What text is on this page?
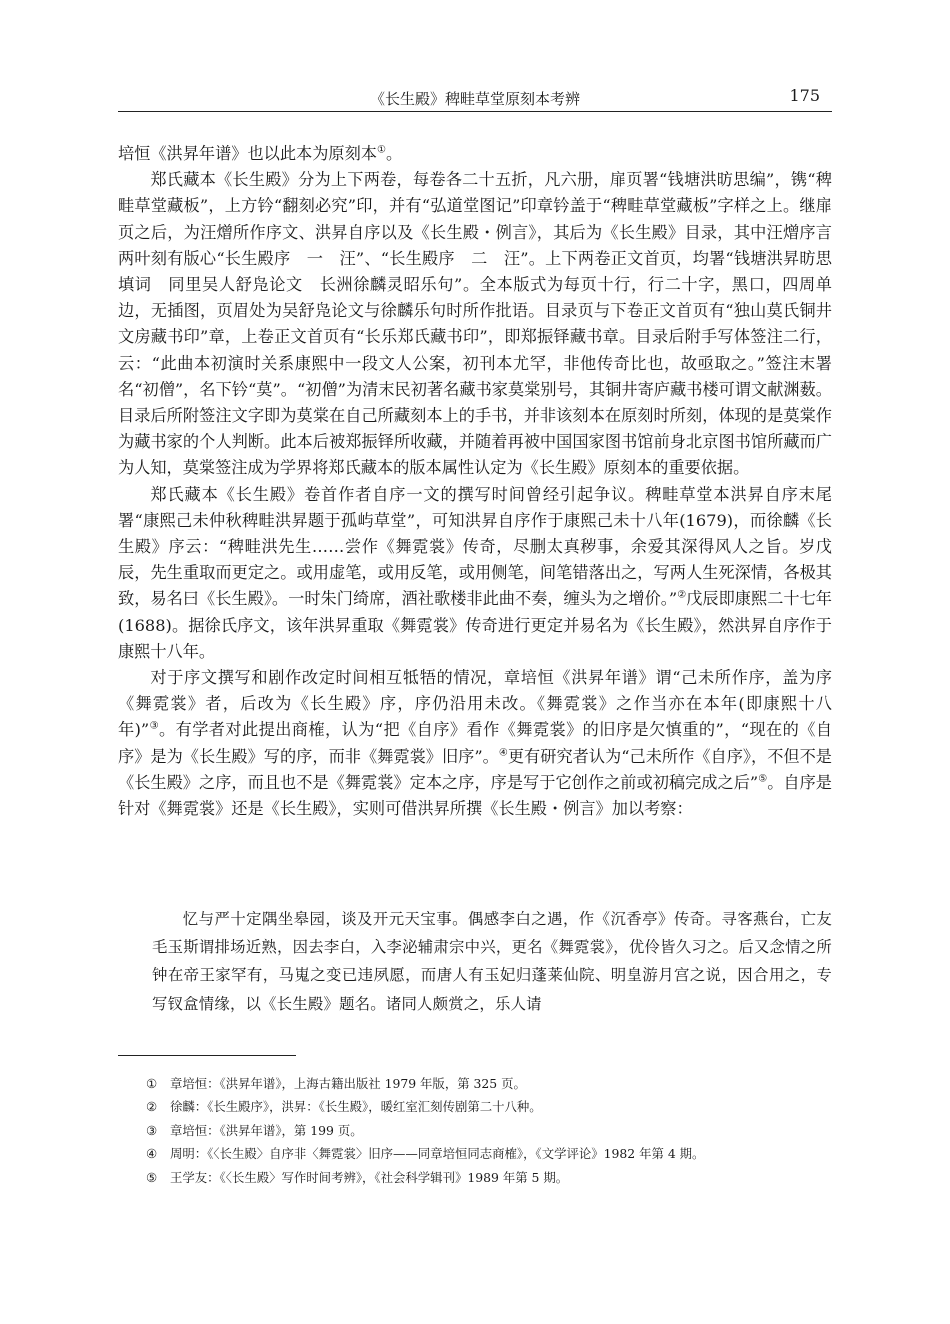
《长生殿》稗畦草堂原刻本考辨	175

培恒《洪昇年谱》也以此本为原刻本①。

郑氏藏本《长生殿》分为上下两卷，每卷各二十五折，凡六册，扉页署“钱塘洪昉思编”，镌“稗畦草堂藏板”，上方钤“翻刻必究”印，并有“弘道堂图记”印章钤盖于“稗畦草堂藏板”字样之上。继扉页之后，为汪熷所作序文、洪昇自序以及《长生殿・例言》，其后为《长生殿》目录，其中汪熷序言两叶刻有版心“长生殿序　一　汪”、“长生殿序　二　汪”。上下两卷正文首页，均署“钱塘洪昇昉思填词　同里吴人舒凫论文　长洲徐麟灵昭乐句”。全本版式为每页十行，行二十字，黑口，四周单边，无插图，页眉处为吴舒凫论文与徐麟乐句时所作批语。目录页与下卷正文首页有“独山莫氏铜井文房藏书印”章，上卷正文首页有“长乐郑氏藏书印”，即郑振铎藏书章。目录后附手写体签注二行，云：“此曲本初演时关系康熙中一段文人公案，初刊本尤罕，非他传奇比也，故亟取之。”签注末署名“初僧”，名下钤“莫”。“初僧”为清末民初著名藏书家莫棠别号，其铜井寄庐藏书楼可谓文献渊薮。目录后所附签注文字即为莫棠在自己所藏刻本上的手书，并非该刻本在原刻时所刻，体现的是莫棠作为藏书家的个人判断。此本后被郑振铎所收藏，并随着再被中国国家图书馆前身北京图书馆所藏而广为人知，莫棠签注成为学界将郑氏藏本的版本属性认定为《长生殿》原刻本的重要依据。

郑氏藏本《长生殿》卷首作者自序一文的撰写时间曾经引起争议。稗畦草堂本洪昇自序末尾署“康熙己未仲秋稗畦洪昇题于孤屿草堂”，可知洪昇自序作于康熙己未十八年(1679)，而徐麟《长生殿》序云：“稗畦洪先生……尝作《舞霓裳》传奇，尽删太真秽事，余爱其深得风人之旨。岁戊辰，先生重取而更定之。或用虚笔，或用反笔，或用侧笔，间笔错落出之，写两人生死深情，各极其致，易名曰《长生殿》。一时朱门绮席，酒社歌楼非此曲不奏，缠头为之增价。”②戊辰即康熙二十七年(1688)。据徐氏序文，该年洪昇重取《舞霓裳》传奇进行更定并易名为《长生殿》，然洪昇自序作于康熙十八年。

对于序文撰写和剧作改定时间相互牴牾的情况，章培恒《洪昇年谱》谓“己未所作序，盖为序《舞霓裳》者，后改为《长生殿》序，序仍沿用未改。《舞霓裳》之作当亦在本年(即康熙十八年)”③。有学者对此提出商榷，认为“把《自序》看作《舞霓裳》的旧序是欠慎重的”，“现在的《自序》是为《长生殿》写的序，而非《舞霓裳》旧序”。④更有研究者认为“己未所作《自序》，不但不是《长生殿》之序，而且也不是《舞霓裳》定本之序，序是写于它创作之前或初稿完成之后”⑤。自序是针对《舞霓裳》还是《长生殿》，实则可借洪昇所撰《长生殿・例言》加以考察：

忆与严十定隅坐皋园，谈及开元天宝事。偶感李白之遇，作《沉香亭》传奇。寻客燕台，亡友毛玉斯谓排场近熟，因去李白，入李泌辅肃宗中兴，更名《舞霓裳》，优伶皆久习之。后又念情之所钟在帝王家罕有，马嵬之变已违夙愿，而唐人有玉妃归蓬莱仙院、明皇游月宫之说，因合用之，专写钗盒情缘，以《长生殿》题名。诸同人颇赏之，乐人请
①	章培恒：《洪昇年谱》，上海古籍出版社 1979 年版，第 325 页。
②	徐麟：《长生殿序》，洪昇：《长生殿》，暖红室汇刻传剧第二十八种。
③	章培恒：《洪昇年谱》，第 199 页。
④	周明：《〈长生殿〉自序非〈舞霓裳〉旧序——同章培恒同志商榷》，《文学评论》1982 年第 4 期。
⑤	王学友：《〈长生殿〉写作时间考辨》，《社会科学辑刊》1989 年第 5 期。
